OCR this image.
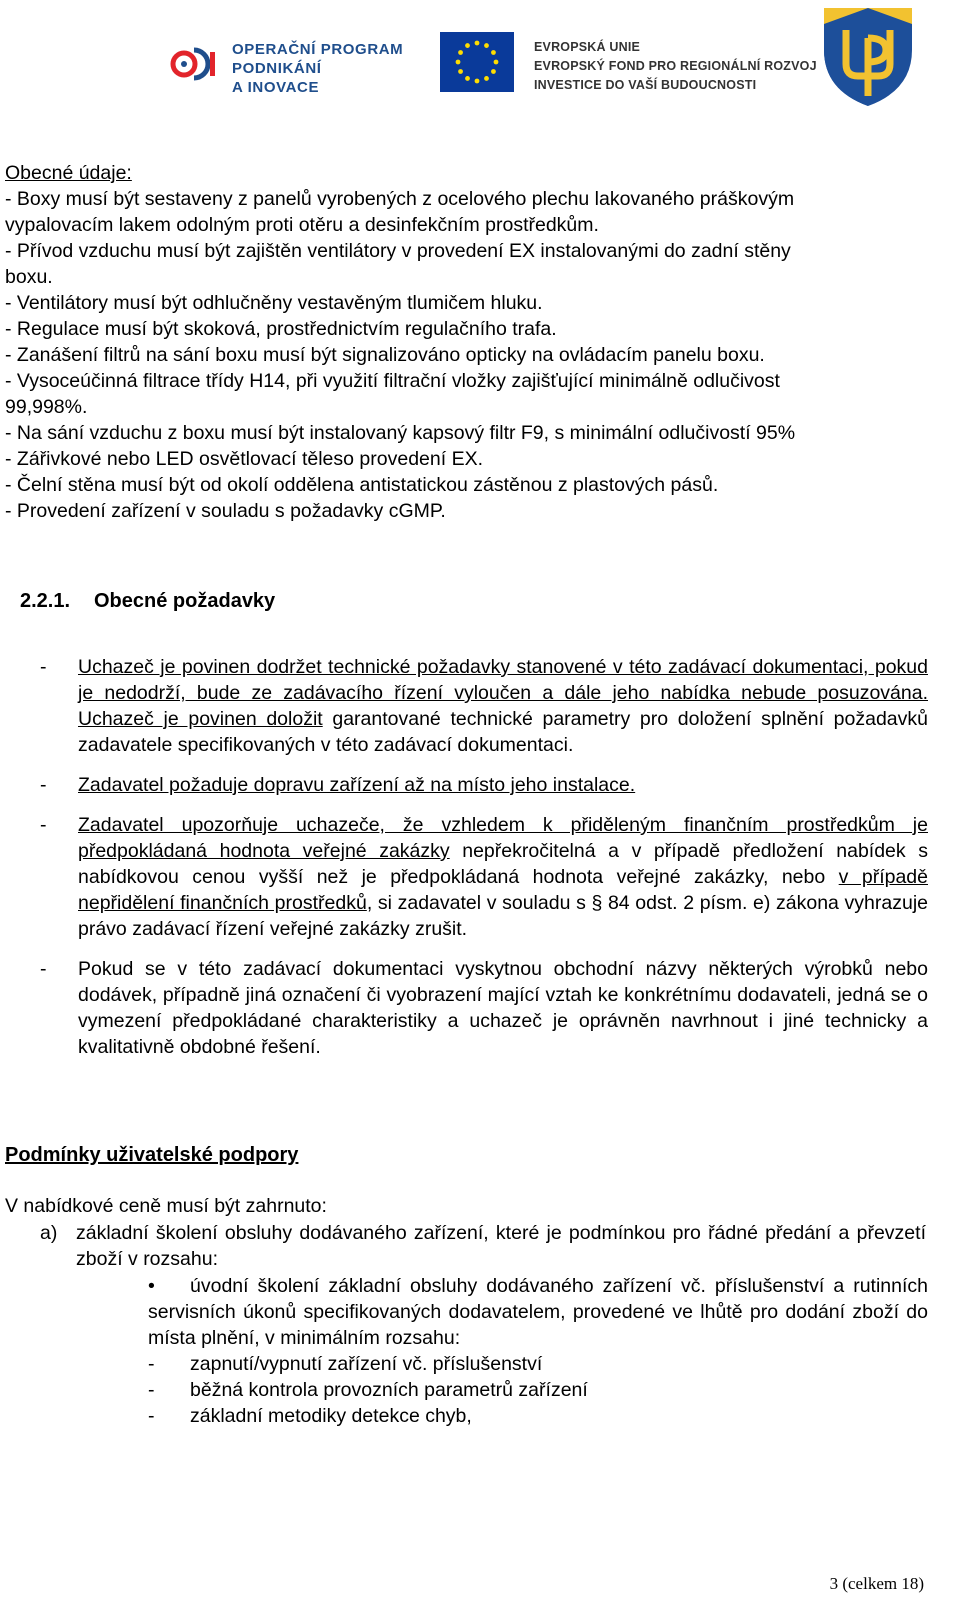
OPERAČNÍ PROGRAM
PODNIKÁNÍ
A INOVACE
EVROPSKÁ UNIE
EVROPSKÝ FOND PRO REGIONÁLNÍ ROZVOJ
INVESTICE DO VAŠÍ BUDOUCNOSTI
Obecné údaje:
- Boxy musí být sestaveny z panelů vyrobených z ocelového plechu lakovaného práškovým
vypalovacím lakem odolným proti otěru a desinfekčním prostředkům.
- Přívod vzduchu musí být zajištěn ventilátory v provedení EX instalovanými do zadní stěny
boxu.
- Ventilátory musí být odhlučněny vestavěným tlumičem hluku.
- Regulace musí být skoková, prostřednictvím regulačního trafa.
- Zanášení filtrů na sání boxu musí být signalizováno opticky na ovládacím panelu boxu.
- Vysoceúčinná filtrace třídy H14, při využití filtrační vložky zajišťující minimálně odlučivost
99,998%.
- Na sání vzduchu z boxu musí být instalovaný kapsový filtr F9, s minimální odlučivostí 95%
- Zářivkové nebo LED osvětlovací těleso provedení EX.
- Čelní stěna musí být od okolí oddělena antistatickou zástěnou z plastových pásů.
- Provedení zařízení v souladu s požadavky cGMP.
2.2.1. Obecné požadavky
- Uchazeč je povinen dodržet technické požadavky stanovené v této zadávací dokumentaci, pokud je nedodrží, bude ze zadávacího řízení vyloučen a dále jeho nabídka nebude posuzována. Uchazeč je povinen doložit garantované technické parametry pro doložení splnění požadavků zadavatele specifikovaných v této zadávací dokumentaci.
- Zadavatel požaduje dopravu zařízení až na místo jeho instalace.
- Zadavatel upozorňuje uchazeče, že vzhledem k přiděleným finančním prostředkům je předpokládaná hodnota veřejné zakázky nepřekročitelná a v případě předložení nabídek s nabídkovou cenou vyšší než je předpokládaná hodnota veřejné zakázky, nebo v případě nepřidělení finančních prostředků, si zadavatel v souladu s § 84 odst. 2 písm. e) zákona vyhrazuje právo zadávací řízení veřejné zakázky zrušit.
- Pokud se v této zadávací dokumentaci vyskytnou obchodní názvy některých výrobků nebo dodávek, případně jiná označení či vyobrazení mající vztah ke konkrétnímu dodavateli, jedná se o vymezení předpokládané charakteristiky a uchazeč je oprávněn navrhnout i jiné technicky a kvalitativně obdobné řešení.
Podmínky uživatelské podpory
V nabídkové ceně musí být zahrnuto:
a) základní školení obsluhy dodávaného zařízení, které je podmínkou pro řádné předání a převzetí zboží v rozsahu:
•	úvodní školení základní obsluhy dodávaného zařízení vč. příslušenství a rutinních servisních úkonů specifikovaných dodavatelem, provedené ve lhůtě pro dodání zboží do místa plnění, v minimálním rozsahu:
-	zapnutí/vypnutí zařízení vč. příslušenství
-	běžná kontrola provozních parametrů zařízení
-	základní metodiky detekce chyb,
3 (celkem 18)
